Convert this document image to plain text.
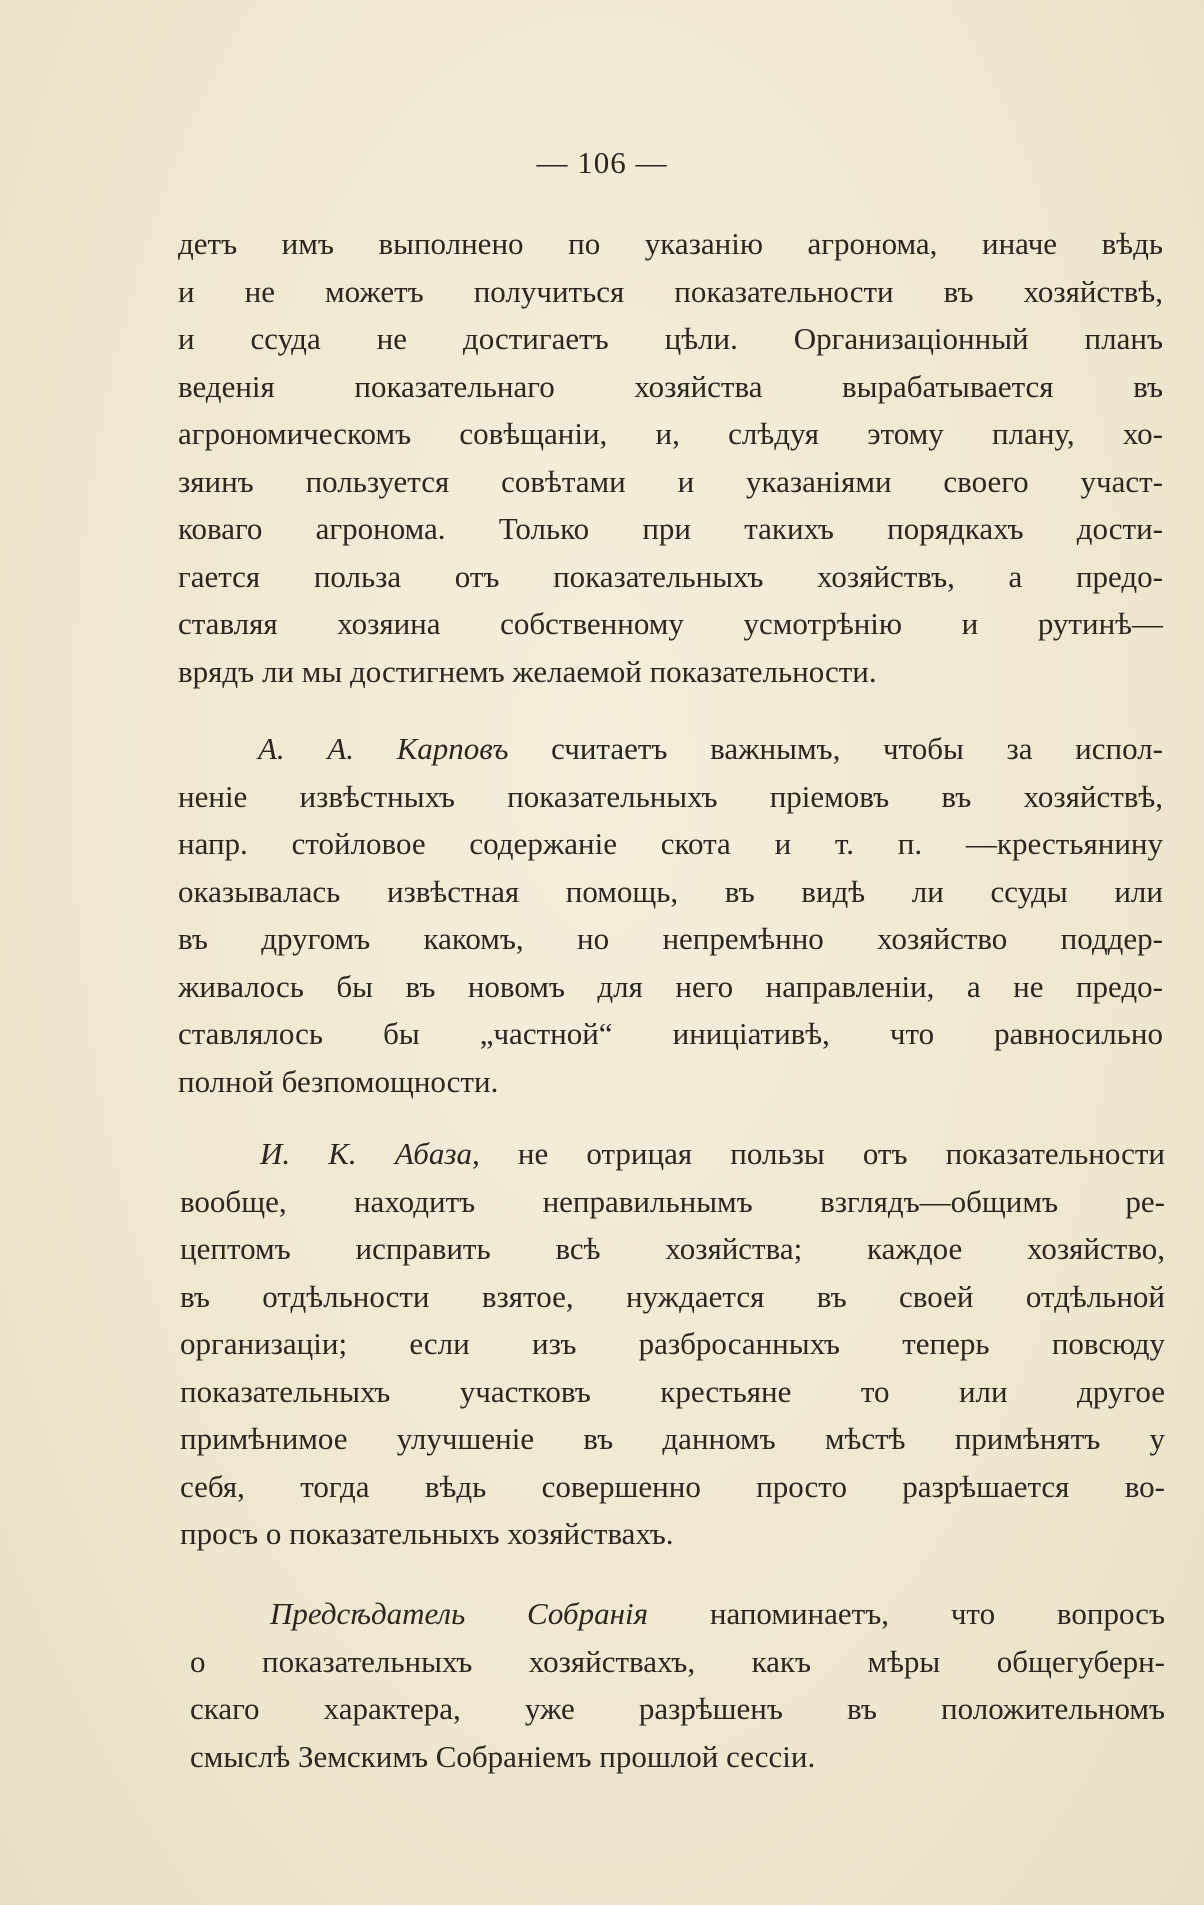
— 106 —
детъ имъ выполнено по указанію агронома, иначе вѣдь
и не можетъ получиться показательности въ хозяйствѣ,
и ссуда не достигаетъ цѣли. Организаціонный планъ
веденія показательнаго хозяйства вырабатывается въ
агрономическомъ совѣщаніи, и, слѣдуя этому плану, хо-
зяинъ пользуется совѣтами и указаніями своего участ-
коваго агронома. Только при такихъ порядкахъ дости-
гается польза отъ показательныхъ хозяйствъ, а предо-
ставляя хозяина собственному усмотрѣнію и рутинѣ—
врядъ ли мы достигнемъ желаемой показательности.
А. А. Карповъ считаетъ важнымъ, чтобы за испол-
неніе извѣстныхъ показательныхъ пріемовъ въ хозяйствѣ,
напр. стойловое содержаніе скота и т. п. —крестьянину
оказывалась извѣстная помощь, въ видѣ ли ссуды или
въ другомъ какомъ, но непремѣнно хозяйство поддер-
живалось бы въ новомъ для него направленіи, а не предо-
ставлялось бы „частной“ иниціативѣ, что равносильно
полной безпомощности.
И. К. Абаза, не отрицая пользы отъ показательности
вообще, находитъ неправильнымъ взглядъ—общимъ ре-
цептомъ исправить всѣ хозяйства; каждое хозяйство,
въ отдѣльности взятое, нуждается въ своей отдѣльной
организаціи; если изъ разбросанныхъ теперь повсюду
показательныхъ участковъ крестьяне то или другое
примѣнимое улучшеніе въ данномъ мѣстѣ примѣнятъ у
себя, тогда вѣдь совершенно просто разрѣшается во-
просъ о показательныхъ хозяйствахъ.
Предсѣдатель Собранія напоминаетъ, что вопросъ
о показательныхъ хозяйствахъ, какъ мѣры общегуберн-
скаго характера, уже разрѣшенъ въ положительномъ
смыслѣ Земскимъ Собраніемъ прошлой сессіи.
